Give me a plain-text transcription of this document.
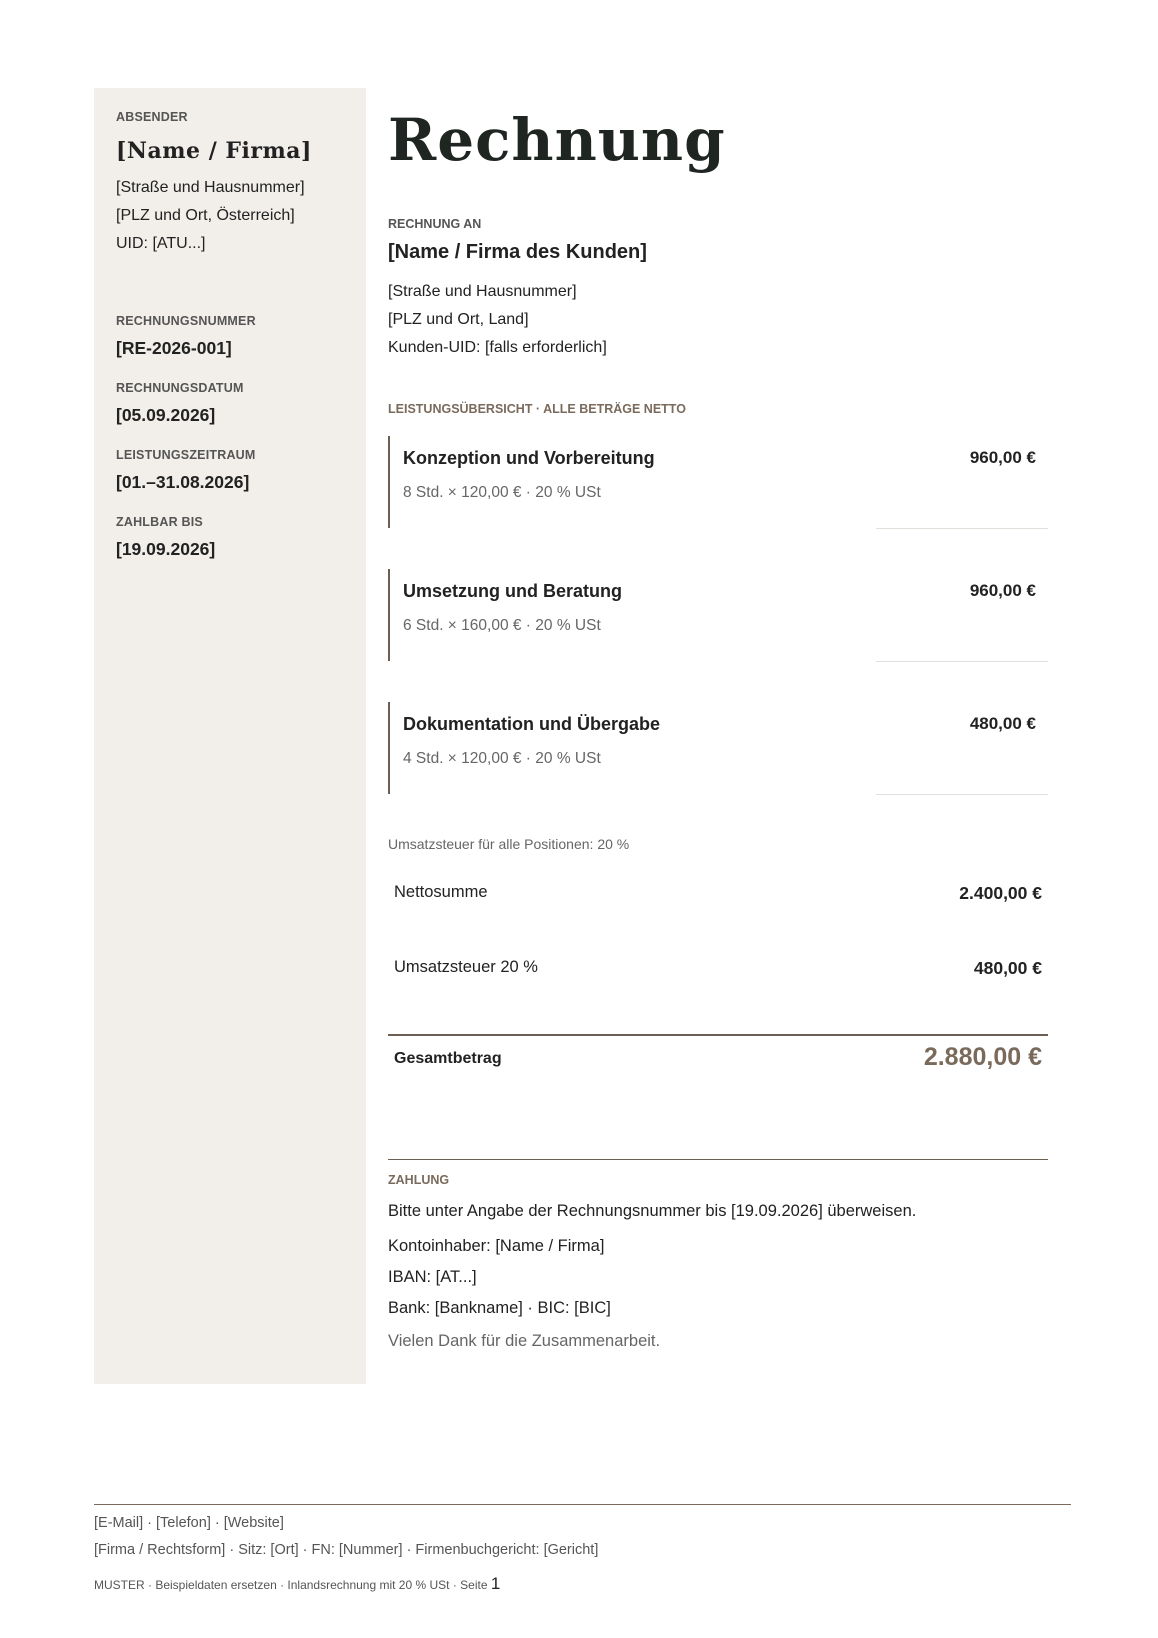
ABSENDER

[Name / Firma]
[Straße und Hausnummer]
[PLZ und Ort, Österreich]
UID: [ATU...]

RECHNUNGSNUMMER

[RE-2026-001]

RECHNUNGSDATUM

[05.09.2026]

LEISTUNGSZEITRAUM

[01.–31.08.2026]

ZAHLBAR BIS

[19.09.2026]
Rechnung

RECHNUNG AN

[Name / Firma des Kunden]
[Straße und Hausnummer]
[PLZ und Ort, Land]
Kunden-UID: [falls erforderlich]

LEISTUNGSÜBERSICHT · ALLE BETRÄGE NETTO

Konzeption und Vorbereitung
8 Std. × 120,00 € · 20 % USt
960,00 €
Umsetzung und Beratung
6 Std. × 160,00 € · 20 % USt
960,00 €
Dokumentation und Übergabe
4 Std. × 120,00 € · 20 % USt
480,00 €
Umsatzsteuer für alle Positionen: 20 %
Nettosumme	2.400,00 €
Umsatzsteuer 20 %	480,00 €
Gesamtbetrag	2.880,00 €

ZAHLUNG

Bitte unter Angabe der Rechnungsnummer bis [19.09.2026] überweisen.
Kontoinhaber: [Name / Firma]
IBAN: [AT...]
Bank: [Bankname] · BIC: [BIC]
Vielen Dank für die Zusammenarbeit.
[E-Mail] · [Telefon] · [Website]
[Firma / Rechtsform] · Sitz: [Ort] · FN: [Nummer] · Firmenbuchgericht: [Gericht]
MUSTER · Beispieldaten ersetzen · Inlandsrechnung mit 20 % USt · Seite 1
